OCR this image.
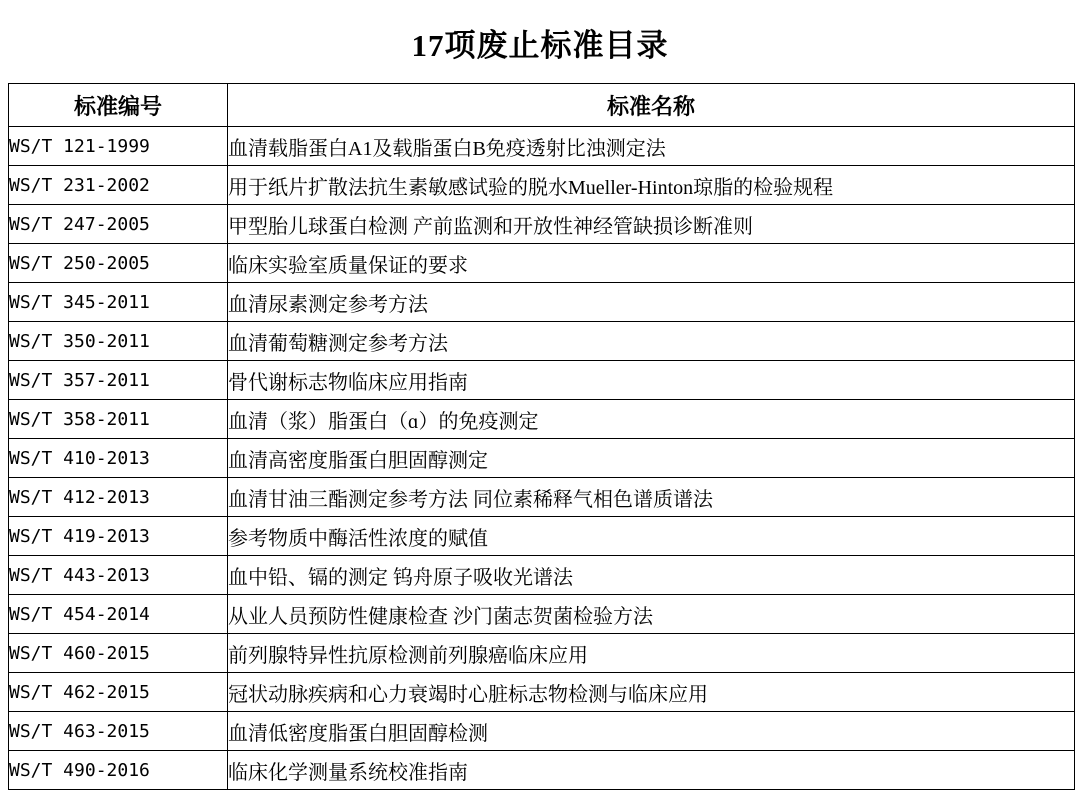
17项废止标准目录
标准编号	标准名称
WS/T 121-1999	血清载脂蛋白A1及载脂蛋白B免疫透射比浊测定法
WS/T 231-2002	用于纸片扩散法抗生素敏感试验的脱水Mueller-Hinton琼脂的检验规程
WS/T 247-2005	甲型胎儿球蛋白检测 产前监测和开放性神经管缺损诊断准则
WS/T 250-2005	临床实验室质量保证的要求
WS/T 345-2011	血清尿素测定参考方法
WS/T 350-2011	血清葡萄糖测定参考方法
WS/T 357-2011	骨代谢标志物临床应用指南
WS/T 358-2011	血清（浆）脂蛋白（ɑ）的免疫测定
WS/T 410-2013	血清高密度脂蛋白胆固醇测定
WS/T 412-2013	血清甘油三酯测定参考方法 同位素稀释气相色谱质谱法
WS/T 419-2013	参考物质中酶活性浓度的赋值
WS/T 443-2013	血中铅、镉的测定 钨舟原子吸收光谱法
WS/T 454-2014	从业人员预防性健康检查 沙门菌志贺菌检验方法
WS/T 460-2015	前列腺特异性抗原检测前列腺癌临床应用
WS/T 462-2015	冠状动脉疾病和心力衰竭时心脏标志物检测与临床应用
WS/T 463-2015	血清低密度脂蛋白胆固醇检测
WS/T 490-2016	临床化学测量系统校准指南
